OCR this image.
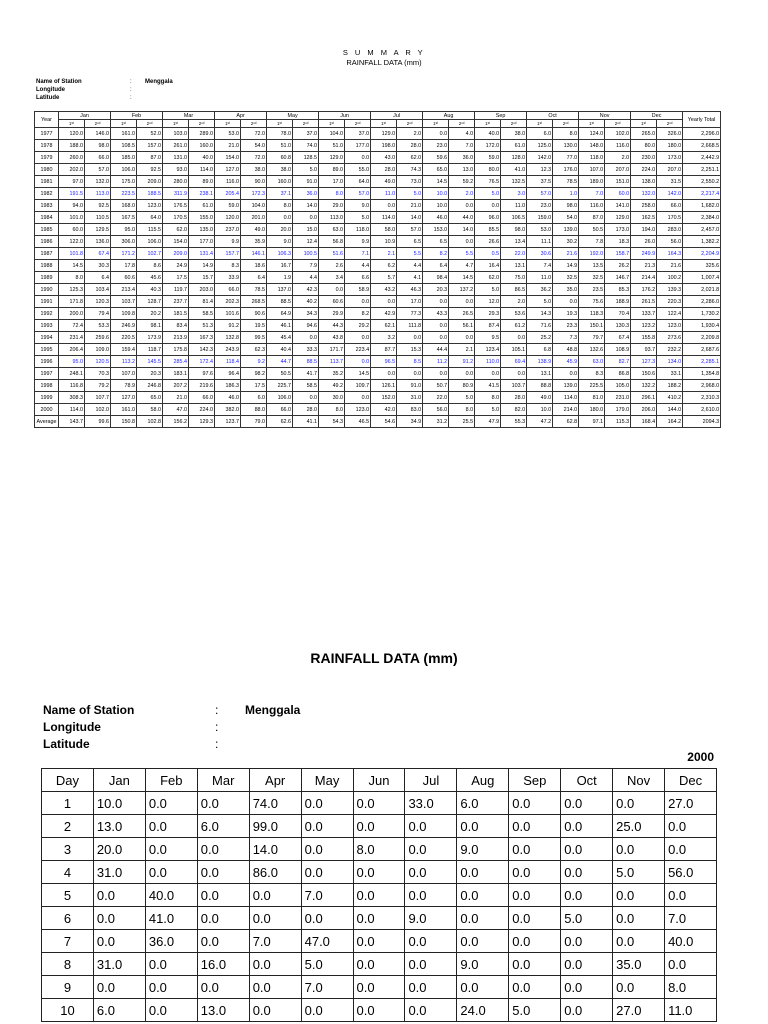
S U M M A R Y
RAINFALL DATA (mm)
Name of Station	:	Menggala
Longitude	:
Latitude	:
Year	Jan		Feb		Mar		Apr		May		Jun		Jul		Aug		Sep		Oct		Nov		Dec		Yearly Total
	1ˢᵗ	2ⁿᵈ	1ˢᵗ	2ⁿᵈ	1ˢᵗ	2ⁿᵈ	1ˢᵗ	2ⁿᵈ	1ˢᵗ	2ⁿᵈ	1ˢᵗ	2ⁿᵈ	1ˢᵗ	2ⁿᵈ	1ˢᵗ	2ⁿᵈ	1ˢᵗ	2ⁿᵈ	1ˢᵗ	2ⁿᵈ	1ˢᵗ	2ⁿᵈ	1ˢᵗ	2ⁿᵈ	
1977	120.0	146.0	161.0	52.0	103.0	289.0	53.0	72.0	78.0	37.0	104.0	37.0	129.0	2.0	0.0	4.0	40.0	38.0	6.0	8.0	124.0	102.0	265.0	326.0	2,296.0
1978	188.0	98.0	108.5	157.0	261.0	160.0	21.0	54.0	51.0	74.0	51.0	177.0	198.0	28.0	23.0	7.0	172.0	61.0	125.0	130.0	148.0	116.0	80.0	180.0	2,668.5
1979	260.0	66.0	185.0	87.0	131.0	40.0	154.0	72.0	60.8	128.5	129.0	0.0	43.0	62.0	59.6	36.0	59.0	128.0	142.0	77.0	118.0	2.0	230.0	173.0	2,442.9
1980	202.0	57.0	106.0	92.5	93.0	114.0	127.0	38.0	38.0	5.0	89.0	55.0	28.0	74.3	65.0	13.0	80.0	41.0	12.3	176.0	107.0	207.0	224.0	207.0	2,251.1
1981	97.0	132.0	175.0	209.0	280.0	89.0	116.0	90.0	160.0	91.0	17.0	64.0	49.0	73.0	14.5	59.2	76.5	132.5	37.5	78.5	189.0	151.0	138.0	31.5	2,550.2
1982	191.5	113.0	223.5	188.5	311.9	238.1	205.4	172.3	37.1	36.0	8.0	57.0	11.0	5.0	10.0	2.0	5.0	3.0	57.0	1.0	7.0	60.0	132.0	142.0	2,217.4
1983	94.0	92.5	168.0	123.0	176.5	61.0	59.0	104.0	8.0	14.0	29.0	9.0	0.0	21.0	10.0	0.0	0.0	11.0	23.0	98.0	116.0	141.0	258.0	66.0	1,682.0
1984	101.0	110.5	167.5	64.0	170.5	155.0	120.0	201.0	0.0	0.0	113.0	5.0	114.0	14.0	46.0	44.0	96.0	106.5	159.0	54.0	87.0	129.0	162.5	170.5	2,384.0
1985	60.0	129.5	95.0	115.5	62.0	135.0	237.0	49.0	20.0	15.0	63.0	118.0	58.0	57.0	153.0	14.0	85.5	98.0	53.0	139.0	50.5	173.0	194.0	283.0	2,457.0
1986	122.0	136.0	306.0	106.0	154.0	177.0	9.9	35.9	9.0	12.4	56.8	9.9	10.9	6.5	6.5	0.0	26.6	13.4	11.1	30.2	7.8	18.3	26.0	56.0	1,382.2
1987	101.8	67.4	171.2	102.7	209.0	131.4	157.7	146.1	106.3	100.5	51.6	7.1	2.1	5.5	8.2	5.5	0.5	22.0	30.6	21.6	192.0	158.7	249.9	164.3	2,204.9
1988	14.5	30.3	17.8	8.6	24.9	14.9	8.3	18.6	16.7	7.9	2.6	4.4	6.2	4.4	6.4	4.7	16.4	13.1	7.4	14.9	13.5	26.2	21.3	21.6	325.6
1989	8.0	6.4	60.6	45.6	17.5	15.7	33.9	6.4	1.9	4.4	3.4	6.6	5.7	4.1	98.4	14.5	62.0	75.0	11.0	32.5	32.5	146.7	214.4	100.2	1,007.4
1990	125.3	103.4	213.4	40.3	119.7	203.0	66.0	78.5	137.0	42.3	0.0	58.9	43.2	46.3	20.3	137.2	5.0	86.5	36.2	35.0	23.5	85.3	176.2	139.3	2,021.8
1991	171.8	120.3	103.7	128.7	237.7	81.4	202.3	268.5	88.5	40.2	60.6	0.0	0.0	17.0	0.0	0.0	12.0	2.0	5.0	0.0	75.6	188.9	261.5	220.3	2,286.0
1992	200.0	79.4	109.8	20.2	181.5	58.5	101.6	90.6	64.9	34.3	29.9	8.2	42.9	77.3	43.3	26.5	29.3	53.6	14.3	19.3	118.3	70.4	133.7	122.4	1,730.2
1993	72.4	53.3	246.9	98.1	83.4	51.3	91.2	19.5	46.1	94.6	44.3	29.2	62.1	111.8	0.0	56.1	87.4	61.2	71.6	23.3	150.1	130.3	123.2	123.0	1,930.4
1994	231.4	259.6	220.5	173.9	213.9	167.3	132.8	99.5	45.4	0.0	43.8	0.0	3.2	0.0	0.0	0.0	9.5	0.0	25.2	7.3	79.7	67.4	155.8	273.6	2,209.8
1995	206.4	109.0	159.4	118.7	175.8	142.3	243.9	62.3	40.4	33.3	171.7	223.4	87.7	15.3	44.4	2.1	123.4	105.1	6.8	48.8	132.6	108.9	93.7	232.2	2,687.6
1996	95.0	120.5	113.2	145.5	285.4	172.4	118.4	9.2	44.7	88.5	113.7	0.0	96.5	8.5	11.2	91.2	110.0	69.4	138.9	45.9	63.0	82.7	127.3	134.0	2,285.1
1997	248.1	70.3	107.0	20.3	183.1	97.6	96.4	98.2	50.5	41.7	35.2	14.5	0.0	0.0	0.0	0.0	0.0	0.0	13.1	0.0	8.3	86.8	150.6	33.1	1,354.8
1998	116.8	79.2	78.9	246.8	207.2	219.6	186.3	17.5	225.7	58.5	49.2	109.7	126.1	91.0	50.7	80.9	41.5	103.7	88.8	139.0	225.5	105.0	132.2	188.2	2,968.0
1999	308.3	107.7	127.0	65.0	21.0	66.0	46.0	6.0	106.0	0.0	30.0	0.0	152.0	31.0	22.0	5.0	8.0	28.0	49.0	114.0	81.0	231.0	296.1	410.2	2,310.3
2000	114.0	102.0	161.0	58.0	47.0	224.0	382.0	88.0	66.0	28.0	8.0	123.0	42.0	83.0	56.0	8.0	5.0	82.0	10.0	214.0	180.0	179.0	206.0	144.0	2,610.0
Average	143.7	99.6	150.8	102.8	156.2	129.3	123.7	79.0	62.6	41.1	54.3	46.5	54.6	34.9	31.2	25.5	47.9	55.3	47.2	62.8	97.1	115.3	168.4	164.2	2094.3
RAINFALL DATA (mm)
Name of Station	:	Menggala
Longitude	:
Latitude	:
2000
Day	Jan	Feb	Mar	Apr	May	Jun	Jul	Aug	Sep	Oct	Nov	Dec
1	10.0	0.0	0.0	74.0	0.0	0.0	33.0	6.0	0.0	0.0	0.0	27.0
2	13.0	0.0	6.0	99.0	0.0	0.0	0.0	0.0	0.0	0.0	25.0	0.0
3	20.0	0.0	0.0	14.0	0.0	8.0	0.0	9.0	0.0	0.0	0.0	0.0
4	31.0	0.0	0.0	86.0	0.0	0.0	0.0	0.0	0.0	0.0	5.0	56.0
5	0.0	40.0	0.0	0.0	7.0	0.0	0.0	0.0	0.0	0.0	0.0	0.0
6	0.0	41.0	0.0	0.0	0.0	0.0	9.0	0.0	0.0	5.0	0.0	7.0
7	0.0	36.0	0.0	7.0	47.0	0.0	0.0	0.0	0.0	0.0	0.0	40.0
8	31.0	0.0	16.0	0.0	5.0	0.0	0.0	9.0	0.0	0.0	35.0	0.0
9	0.0	0.0	0.0	0.0	7.0	0.0	0.0	0.0	0.0	0.0	0.0	8.0
10	6.0	0.0	13.0	0.0	0.0	0.0	0.0	24.0	5.0	0.0	27.0	11.0
